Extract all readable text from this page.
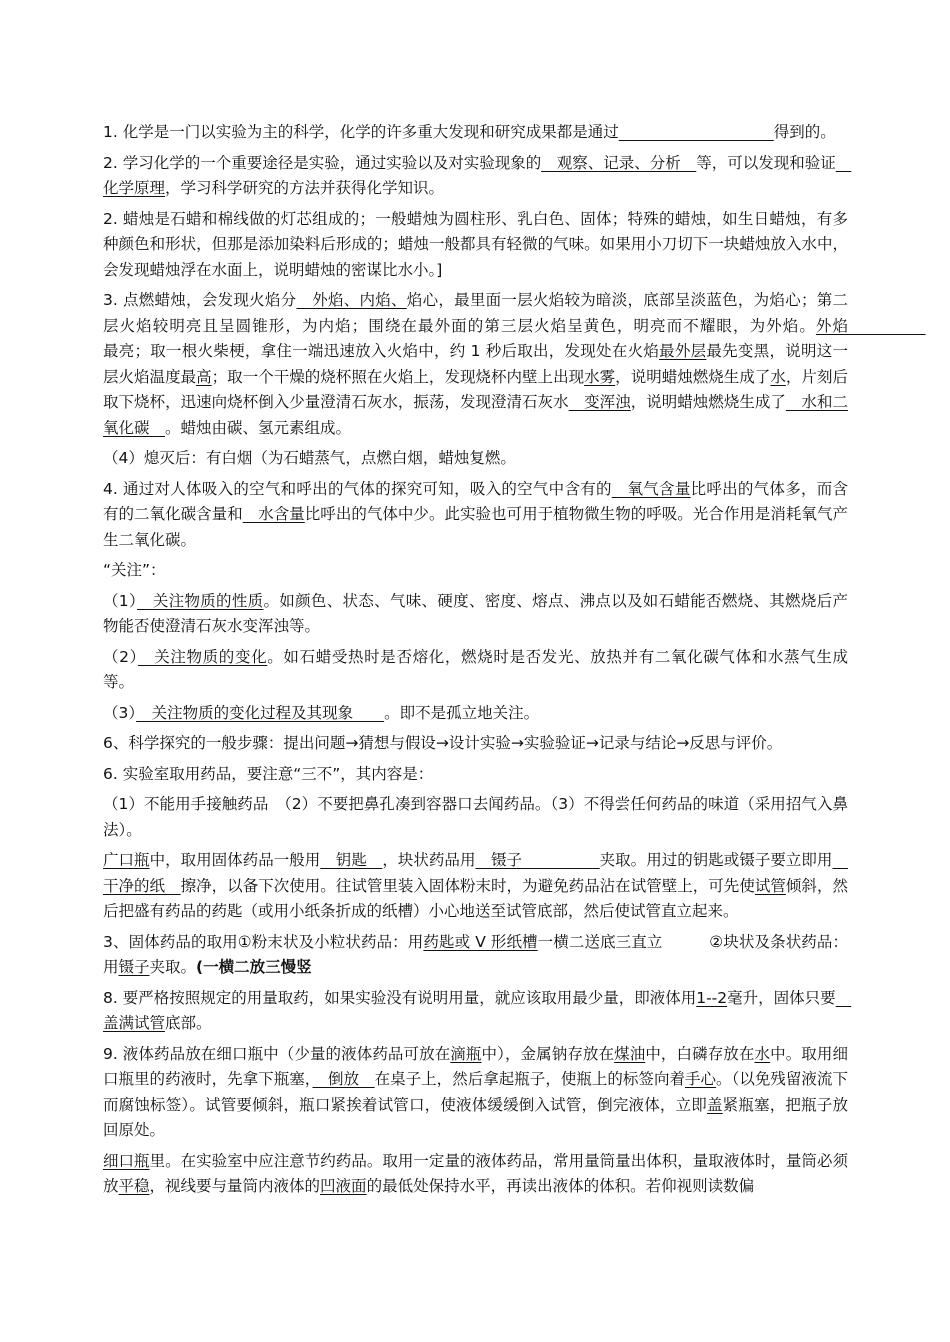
1. 化学是一门以实验为主的科学，化学的许多重大发现和研究成果都是通过　　　　　　　　　　	得到的。

2. 学习化学的一个重要途径是实验，通过实验以及对实验现象的　观察、记录、分析　等，可以发现和验证　化学原理，学习科学研究的方法并获得化学知识。

2. 蜡烛是石蜡和棉线做的灯芯组成的；一般蜡烛为圆柱形、乳白色、固体；特殊的蜡烛，如生日蜡烛，有多种颜色和形状，但那是添加染料后形成的；蜡烛一般都具有轻微的气味。如果用小刀切下一块蜡烛放入水中，会发现蜡烛浮在水面上，说明蜡烛的密谋比水小。]

3. 点燃蜡烛，会发现火焰分　外焰、内焰、焰心，最里面一层火焰较为暗淡，底部呈淡蓝色，为焰心；第二层火焰较明亮且呈圆锥形，为内焰；围绕在最外面的第三层火焰呈黄色，明亮而不耀眼，为外焰。外焰　　　　　最亮；取一根火柴梗，拿住一端迅速放入火焰中，约 1 秒后取出，发现处在火焰最外层最先变黑，说明这一层火焰温度最高；取一个干燥的烧杯照在火焰上，发现烧杯内壁上出现水雾，说明蜡烛燃烧生成了水，片刻后取下烧杯，迅速向烧杯倒入少量澄清石灰水，振荡，发现澄清石灰水　变浑浊，说明蜡烛燃烧生成了　水和二氧化碳　。蜡烛由碳、氢元素组成。

（4）熄灭后：有白烟（为石蜡蒸气，点燃白烟，蜡烛复燃。

4. 通过对人体吸入的空气和呼出的气体的探究可知，吸入的空气中含有的　氧气含量比呼出的气体多，而含有的二氧化碳含量和　水含量比呼出的气体中少。此实验也可用于植物微生物的呼吸。光合作用是消耗氧气产生二氧化碳。

“关注”：

（1）　关注物质的性质。如颜色、状态、气味、硬度、密度、熔点、沸点以及如石蜡能否燃烧、其燃烧后产物能否使澄清石灰水变浑浊等。

（2）　关注物质的变化。如石蜡受热时是否熔化，燃烧时是否发光、放热并有二氧化碳气体和水蒸气生成等。

（3）　关注物质的变化过程及其现象　　。即不是孤立地关注。

6、科学探究的一般步骤：提出问题→猜想与假设→设计实验→实验验证→记录与结论→反思与评价。

6. 实验室取用药品，要注意“三不”，其内容是：

（1）不能用手接触药品　（2）不要把鼻孔凑到容器口去闻药品。（3）不得尝任何药品的味道（采用招气入鼻法）。

广口瓶中，取用固体药品一般用　钥匙　，块状药品用　镊子　　　　　夹取。用过的钥匙或镊子要立即用　干净的纸　擦净，以备下次使用。往试管里装入固体粉末时，为避免药品沾在试管壁上，可先使试管倾斜，然后把盛有药品的药匙（或用小纸条折成的纸槽）小心地送至试管底部，然后使试管直立起来。

3、固体药品的取用①粉末状及小粒状药品：用药匙或 V 形纸槽一横二送底三直立　　　②块状及条状药品：用镊子夹取。(一横二放三慢竖

8. 要严格按照规定的用量取药，如果实验没有说明用量，就应该取用最少量，即液体用1--2毫升，固体只要　盖满试管底部。

9. 液体药品放在细口瓶中（少量的液体药品可放在滴瓶中），金属钠存放在煤油中，白磷存放在水中。取用细口瓶里的药液时，先拿下瓶塞，　倒放　在桌子上，然后拿起瓶子，使瓶上的标签向着手心。（以免残留液流下而腐蚀标签）。试管要倾斜，瓶口紧挨着试管口，使液体缓缓倒入试管，倒完液体，立即盖紧瓶塞，把瓶子放回原处。

细口瓶里。在实验室中应注意节约药品。取用一定量的液体药品，常用量筒量出体积，量取液体时，量筒必须放平稳，视线要与量筒内液体的凹液面的最低处保持水平，再读出液体的体积。若仰视则读数偏
